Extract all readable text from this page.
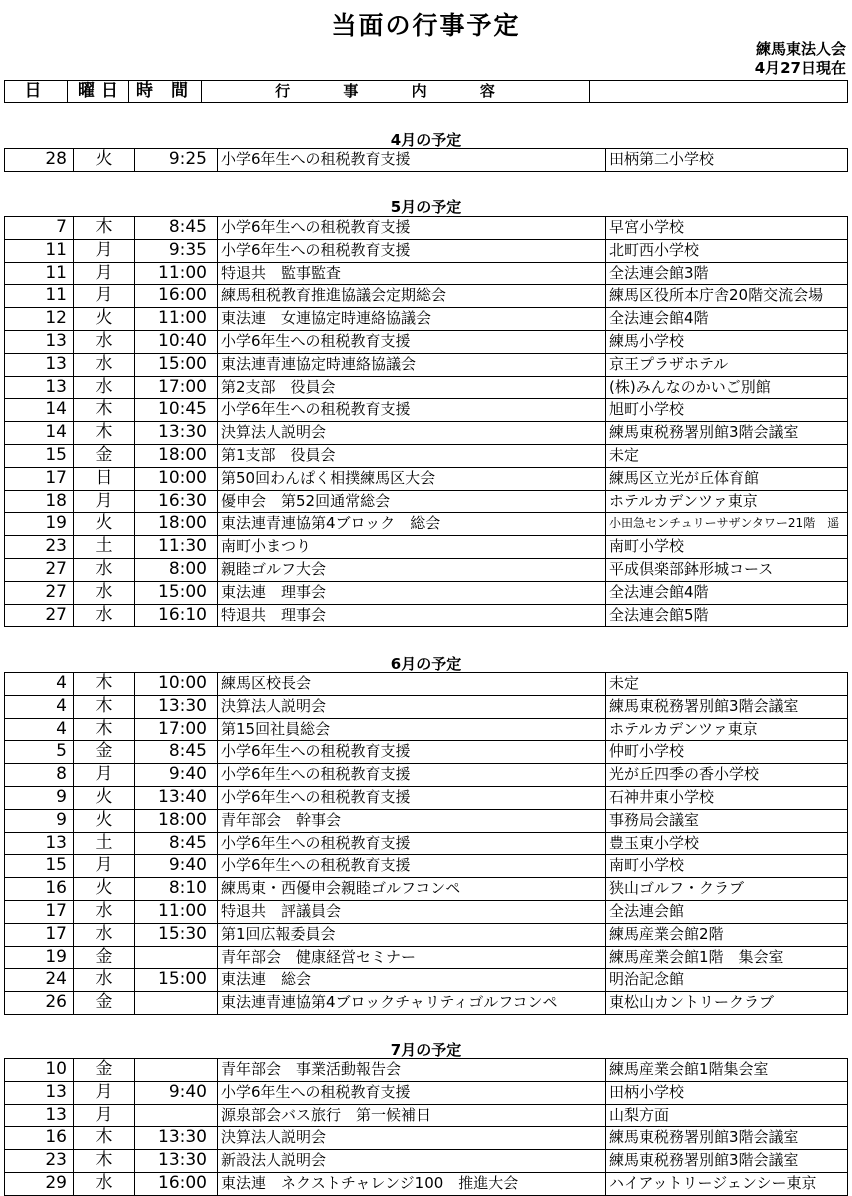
当面の行事予定
練馬東法人会
4月27日現在
日	曜 日	時 間	行 事 内 容	
4月の予定
28	火	9:25	小学6年生への租税教育支援	田柄第二小学校
5月の予定
7	木	8:45	小学6年生への租税教育支援	早宮小学校
11	月	9:35	小学6年生への租税教育支援	北町西小学校
11	月	11:00	特退共　監事監査	全法連会館3階
11	月	16:00	練馬租税教育推進協議会定期総会	練馬区役所本庁舎20階交流会場
12	火	11:00	東法連　女連協定時連絡協議会	全法連会館4階
13	水	10:40	小学6年生への租税教育支援	練馬小学校
13	水	15:00	東法連青連協定時連絡協議会	京王プラザホテル
13	水	17:00	第2支部　役員会	(株)みんなのかいご別館
14	木	10:45	小学6年生への租税教育支援	旭町小学校
14	木	13:30	決算法人説明会	練馬東税務署別館3階会議室
15	金	18:00	第1支部　役員会	未定
17	日	10:00	第50回わんぱく相撲練馬区大会	練馬区立光が丘体育館
18	月	16:30	優申会　第52回通常総会	ホテルカデンツァ東京
19	火	18:00	東法連青連協第4ブロック　総会	小田急センチュリーサザンタワー21階　遥
23	土	11:30	南町小まつり	南町小学校
27	水	8:00	親睦ゴルフ大会	平成倶楽部鉢形城コース
27	水	15:00	東法連　理事会	全法連会館4階
27	水	16:10	特退共　理事会	全法連会館5階
6月の予定
4	木	10:00	練馬区校長会	未定
4	木	13:30	決算法人説明会	練馬東税務署別館3階会議室
4	木	17:00	第15回社員総会	ホテルカデンツァ東京
5	金	8:45	小学6年生への租税教育支援	仲町小学校
8	月	9:40	小学6年生への租税教育支援	光が丘四季の香小学校
9	火	13:40	小学6年生への租税教育支援	石神井東小学校
9	火	18:00	青年部会　幹事会	事務局会議室
13	土	8:45	小学6年生への租税教育支援	豊玉東小学校
15	月	9:40	小学6年生への租税教育支援	南町小学校
16	火	8:10	練馬東・西優申会親睦ゴルフコンペ	狭山ゴルフ・クラブ
17	水	11:00	特退共　評議員会	全法連会館
17	水	15:30	第1回広報委員会	練馬産業会館2階
19	金		青年部会　健康経営セミナー	練馬産業会館1階　集会室
24	水	15:00	東法連　総会	明治記念館
26	金		東法連青連協第4ブロックチャリティゴルフコンペ	東松山カントリークラブ
7月の予定
10	金		青年部会　事業活動報告会	練馬産業会館1階集会室
13	月	9:40	小学6年生への租税教育支援	田柄小学校
13	月		源泉部会バス旅行　第一候補日	山梨方面
16	木	13:30	決算法人説明会	練馬東税務署別館3階会議室
23	木	13:30	新設法人説明会	練馬東税務署別館3階会議室
29	水	16:00	東法連　ネクストチャレンジ100　推進大会	ハイアットリージェンシー東京
